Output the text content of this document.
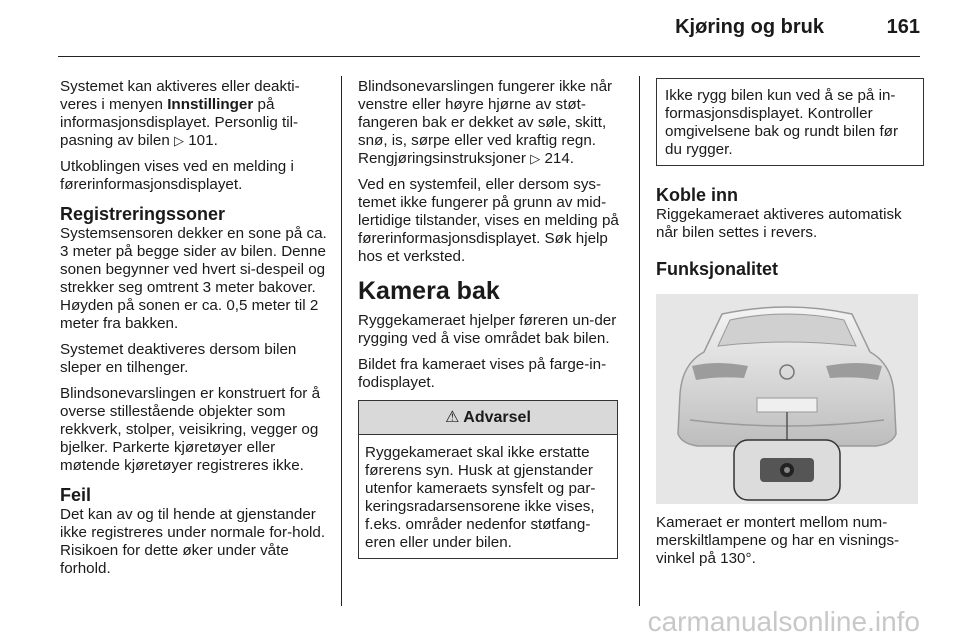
Kjøring og bruk	161

Systemet kan aktiveres eller deakti-veres i menyen Innstillinger på informasjonsdisplayet. Personlig til-pasning av bilen ▷ 101.

Utkoblingen vises ved en melding i førerinformasjonsdisplayet.

Registreringssoner

Systemsensoren dekker en sone på ca. 3 meter på begge sider av bilen. Denne sonen begynner ved hvert si-despeil og strekker seg omtrent 3 meter bakover. Høyden på sonen er ca. 0,5 meter til 2 meter fra bakken.

Systemet deaktiveres dersom bilen sleper en tilhenger.

Blindsonevarslingen er konstruert for å overse stillestående objekter som rekkverk, stolper, veisikring, vegger og bjelker. Parkerte kjøretøyer eller møtende kjøretøyer registreres ikke.

Feil

Det kan av og til hende at gjenstander ikke registreres under normale for-hold. Risikoen for dette øker under våte forhold.

Blindsonevarslingen fungerer ikke når venstre eller høyre hjørne av støt-fangeren bak er dekket av søle, skitt, snø, is, sørpe eller ved kraftig regn. Rengjøringsinstruksjoner ▷ 214.

Ved en systemfeil, eller dersom sys-temet ikke fungerer på grunn av mid-lertidige tilstander, vises en melding på førerinformasjonsdisplayet. Søk hjelp hos et verksted.

Kamera bak

Ryggekameraet hjelper føreren un-der rygging ved å vise området bak bilen.

Bildet fra kameraet vises på farge-in-fodisplayet.

⚠ Advarsel
Ryggekameraet skal ikke erstatte førerens syn. Husk at gjenstander utenfor kameraets synsfelt og par-keringsradarsensorene ikke vises, f.eks. områder nedenfor støtfang-eren eller under bilen.
Ikke rygg bilen kun ved å se på in-formasjonsdisplayet. Kontroller omgivelsene bak og rundt bilen før du rygger.
Koble inn

Riggekameraet aktiveres automatisk når bilen settes i revers.

Funksjonalitet

Kameraet er montert mellom num-merskiltlampene og har en visnings-vinkel på 130°.

carmanualsonline.info
